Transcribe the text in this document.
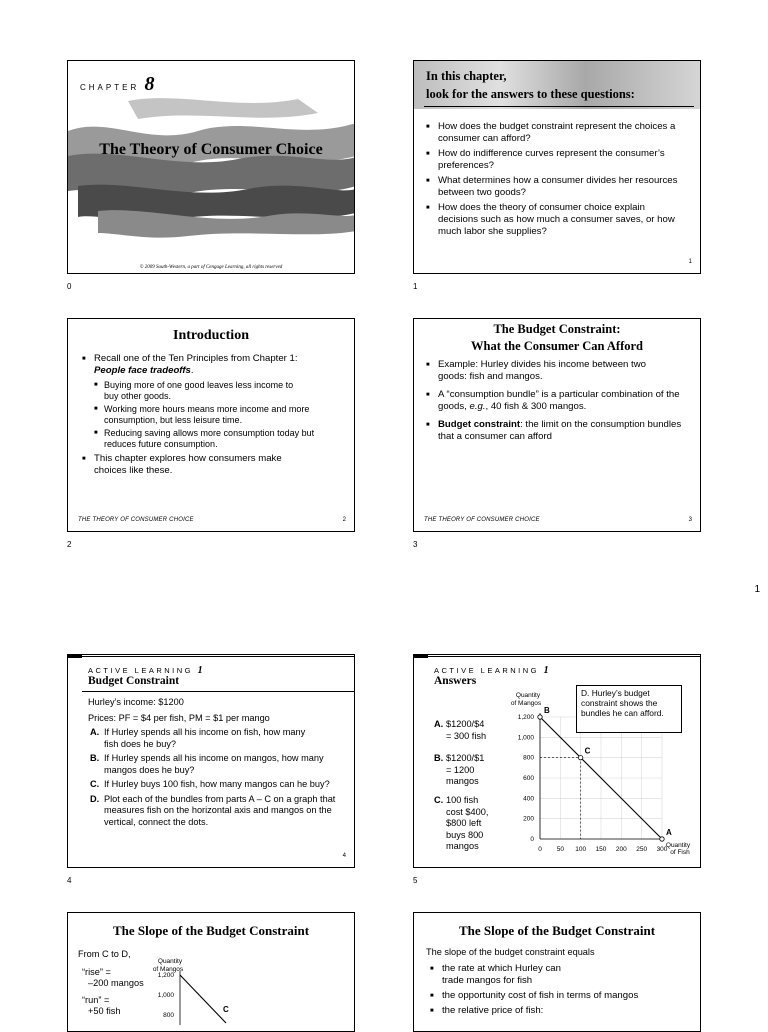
CHAPTER 8
The Theory of Consumer Choice
© 2009 South-Western, a part of Cengage Learning, all rights reserved
0
In this chapter,
look for the answers to these questions:
■ How does the budget constraint represent the choices a consumer can afford?
■ How do indifference curves represent the consumer’s preferences?
■ What determines how a consumer divides her resources between two goods?
■ How does the theory of consumer choice explain decisions such as how much a consumer saves, or how much labor she supplies?
1
1
Introduction
■ Recall one of the Ten Principles from Chapter 1:
People face tradeoffs.
■ Buying more of one good leaves less income to buy other goods.
■ Working more hours means more income and more consumption, but less leisure time.
■ Reducing saving allows more consumption today but reduces future consumption.
■ This chapter explores how consumers make choices like these.
THE THEORY OF CONSUMER CHOICE	2
2
The Budget Constraint:
What the Consumer Can Afford
■ Example: Hurley divides his income between two goods: fish and mangos.
■ A “consumption bundle” is a particular combination of the goods, e.g., 40 fish & 300 mangos.
■ Budget constraint: the limit on the consumption bundles that a consumer can afford
THE THEORY OF CONSUMER CHOICE	3
3
1
ACTIVE LEARNING 1
Budget Constraint
Hurley’s income: $1200
Prices: PF = $4 per fish, PM = $1 per mango
A. If Hurley spends all his income on fish, how many fish does he buy?
B. If Hurley spends all his income on mangos, how many mangos does he buy?
C. If Hurley buys 100 fish, how many mangos can he buy?
D. Plot each of the bundles from parts A – C on a graph that measures fish on the horizontal axis and mangos on the vertical, connect the dots.
4
4
ACTIVE LEARNING 1
Answers
A. $1200/$4
= 300 fish
B. $1200/$1
= 1200
mangos
C. 100 fish
cost $400,
$800 left
buys 800
mangos	0 50 100 150 200 250 300
0
200
400
600
800
1,000
1,200
Quantity
of Mangos
Quantity
of Fish
B
C
A
D. Hurley’s budget constraint shows the bundles he can afford.
5
The Slope of the Budget Constraint
From C to D,
“rise” =
–200 mangos
“run” =
+50 fish	800
1,000
1,200
Quantity
of Mangos
C
The Slope of the Budget Constraint
The slope of the budget constraint equals
■ the rate at which Hurley can trade mangos for fish
■ the opportunity cost of fish in terms of mangos
■ the relative price of fish:
